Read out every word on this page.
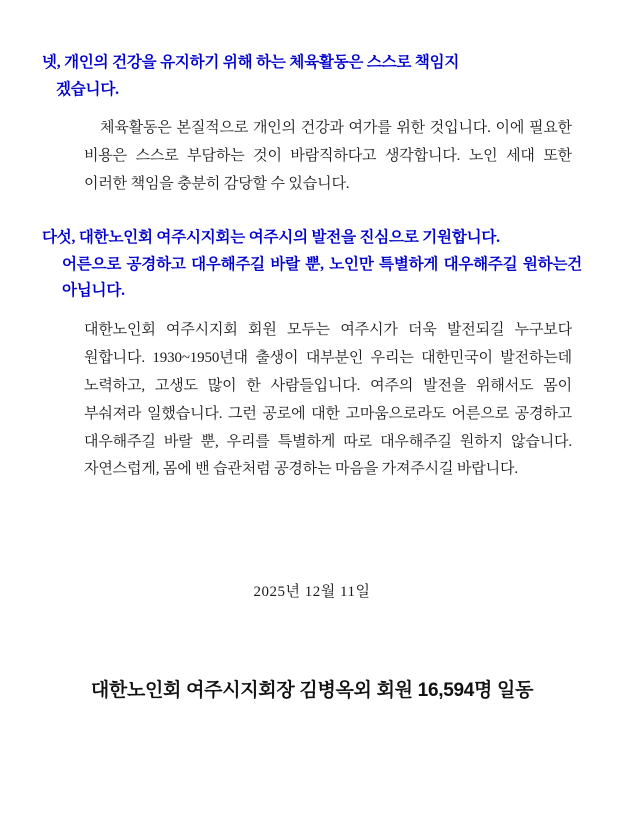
넷, 개인의 건강을 유지하기 위해 하는 체육활동은 스스로 책임지
겠습니다.

체육활동은 본질적으로 개인의 건강과 여가를 위한 것입니다. 이에 필요한 비용은 스스로 부담하는 것이 바람직하다고 생각합니다. 노인 세대 또한 이러한 책임을 충분히 감당할 수 있습니다.

다섯, 대한노인회 여주시지회는 여주시의 발전을 진심으로 기원합니다.
어른으로 공경하고 대우해주길 바랄 뿐, 노인만 특별하게 대우해주길 원하는건 아닙니다.

대한노인회 여주시지회 회원 모두는 여주시가 더욱 발전되길 누구보다 원합니다. 1930~1950년대 출생이 대부분인 우리는 대한민국이 발전하는데 노력하고, 고생도 많이 한 사람들입니다. 여주의 발전을 위해서도 몸이 부숴져라 일했습니다. 그런 공로에 대한 고마움으로라도 어른으로 공경하고 대우해주길 바랄 뿐, 우리를 특별하게 따로 대우해주길 원하지 않습니다. 자연스럽게, 몸에 밴 습관처럼 공경하는 마음을 가져주시길 바랍니다.

2025년 12월 11일

대한노인회 여주시지회장 김병옥외 회원 16,594명 일동
